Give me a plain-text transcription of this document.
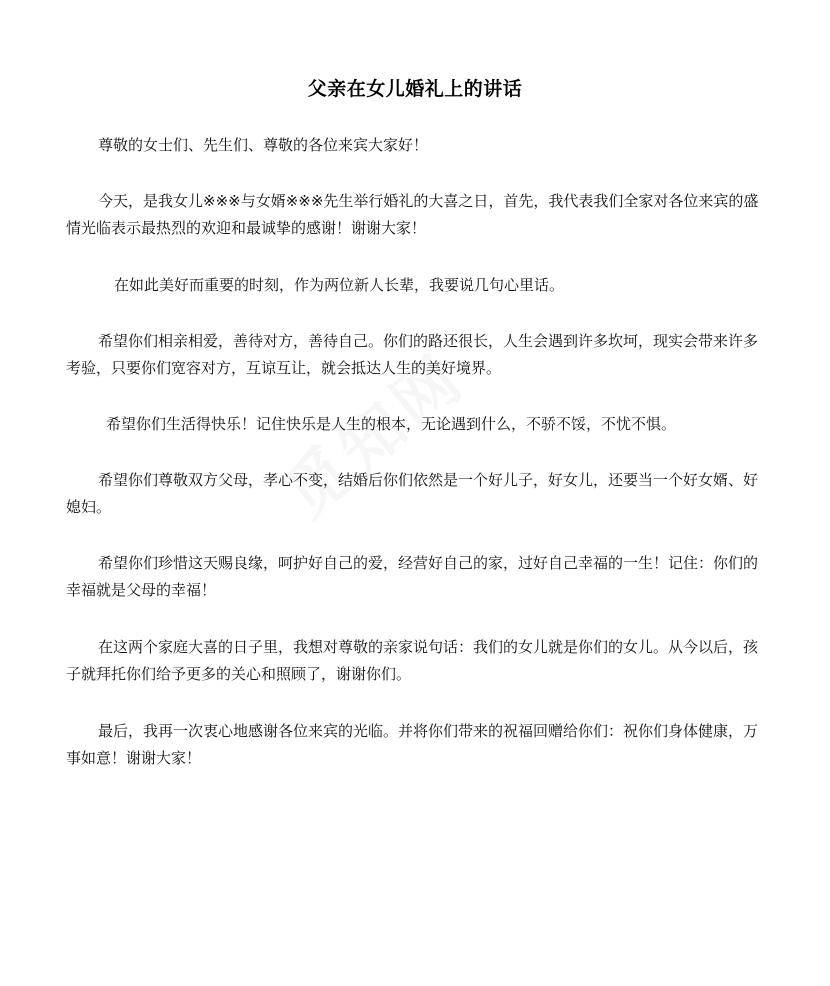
父亲在女儿婚礼上的讲话

尊敬的女士们、先生们、尊敬的各位来宾大家好！

今天，是我女儿※※※与女婿※※※先生举行婚礼的大喜之日，首先，我代表我们全家对各位来宾的盛情光临表示最热烈的欢迎和最诚挚的感谢！谢谢大家！

在如此美好而重要的时刻，作为两位新人长辈，我要说几句心里话。

希望你们相亲相爱，善待对方，善待自己。你们的路还很长，人生会遇到许多坎坷，现实会带来许多考验，只要你们宽容对方，互谅互让，就会抵达人生的美好境界。

希望你们生活得快乐！记住快乐是人生的根本，无论遇到什么，不骄不馁，不忧不惧。

希望你们尊敬双方父母，孝心不变，结婚后你们依然是一个好儿子，好女儿，还要当一个好女婿、好媳妇。

希望你们珍惜这天赐良缘，呵护好自己的爱，经营好自己的家，过好自己幸福的一生！记住：你们的幸福就是父母的幸福！

在这两个家庭大喜的日子里，我想对尊敬的亲家说句话：我们的女儿就是你们的女儿。从今以后，孩子就拜托你们给予更多的关心和照顾了，谢谢你们。

最后，我再一次衷心地感谢各位来宾的光临。并将你们带来的祝福回赠给你们：祝你们身体健康，万事如意！谢谢大家！
